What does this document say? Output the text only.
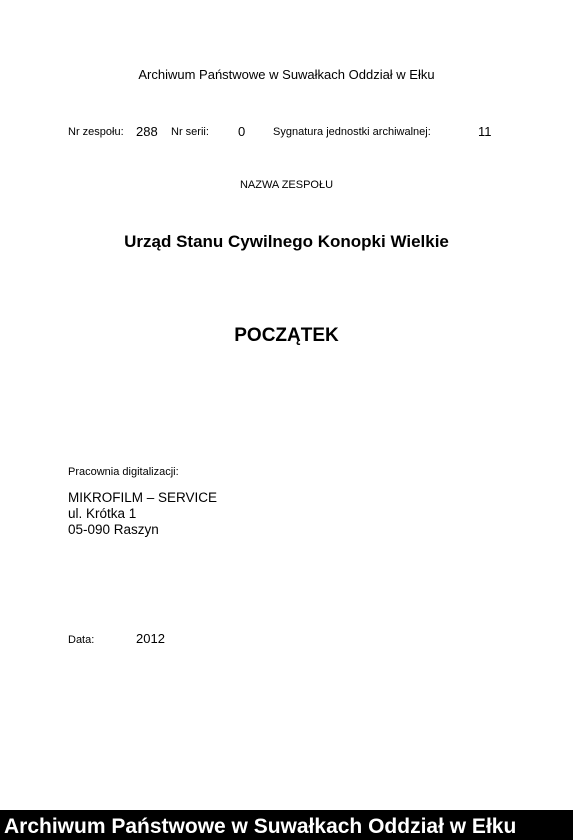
Archiwum Państwowe w Suwałkach Oddział w Ełku
Nr zespołu: 288 Nr serii: 0	Sygnatura jednostki archiwalnej:	11
NAZWA ZESPOŁU
Urząd Stanu Cywilnego Konopki Wielkie
POCZĄTEK
Pracownia digitalizacji:
MIKROFILM – SERVICE
ul. Krótka 1
05-090 Raszyn
Data:	2012
Archiwum Państwowe w Suwałkach Oddział w Ełku
